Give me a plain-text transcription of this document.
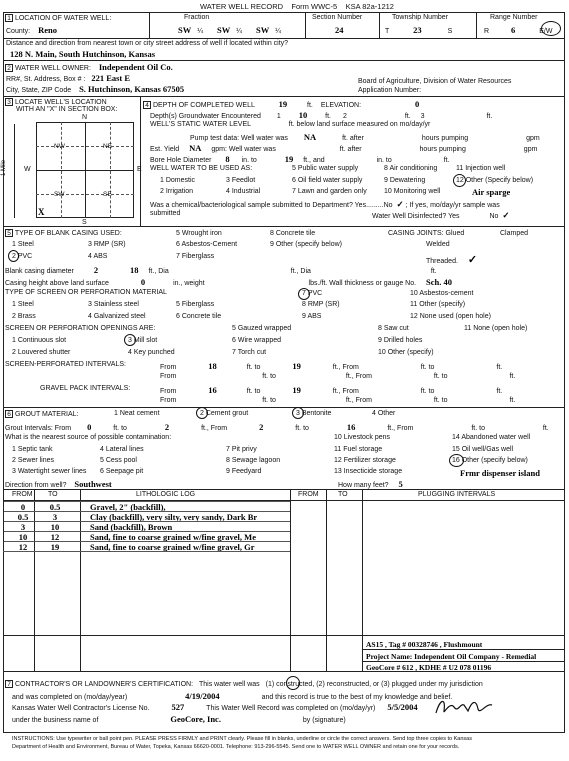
WATER WELL RECORD Form WWC-5 KSA 82a-1212
1 LOCATION OF WATER WELL:
County: Reno
Fraction
SW ¼ SW ¼ SW ¼
Section Number
24
Township Number
T	23	S
Range Number
R	6	E/W
Distance and direction from nearest town or city street address of well if located within city?
128 N. Main, South Hutchinson, Kansas
2 WATER WELL OWNER: Independent Oil Co.
RR#, St. Address, Box # : 221 East E
City, State, ZIP Code S. Hutchinson, Kansas 67505
Board of Agriculture, Division of Water Resources
Application Number:
3 LOCATE WELL'S LOCATION
WITH AN "X" IN SECTION BOX:
N
S
W	E
NW	NE
SW	SE
X
1 Mile
4 DEPTH OF COMPLETED WELL	19	ft. ELEVATION:	0
Depth(s) Groundwater Encountered 1 10	ft. 2	ft. 3	ft.
WELL'S STATIC WATER LEVEL	ft. below land surface measured on mo/day/yr
Pump test data: Well water was NA	ft. after	hours pumping	gpm
Est. Yield NA gpm: Well water was	ft. after	hours pumping	gpm
Bore Hole Diameter 8 in. to	19 ft., and	in. to	ft.
WELL WATER TO BE USED AS:
1 Domestic
2 Irrigation
3 Feedlot
4 Industrial
5 Public water supply
6 Oil field water supply
7 Lawn and garden only
8 Air conditioning
9 Dewatering
10 Monitoring well
11 Injection well
12 Other (Specify below)
Air sparge
Was a chemical/bacteriological sample submitted to Department? Yes.........No ✓ ; If yes, mo/day/yr sample was
submitted	Water Well Disinfected? Yes	No ✓
5 TYPE OF BLANK CASING USED:
1 Steel
2 PVC
3 RMP (SR)
4 ABS
5 Wrought iron
6 Asbestos-Cement
7 Fiberglass
8 Concrete tile
9 Other (specify below)
CASING JOINTS: Glued	Clamped
Welded
Threaded. ✓
Blank casing diameter 2	18 ft., Dia	ft., Dia	ft.
Casing height above land surface	0	in., weight	lbs./ft. Wall thickness or gauge No. Sch. 40
TYPE OF SCREEN OR PERFORATION MATERIAL
1 Steel
2 Brass
3 Stainless steel
4 Galvanized steel
5 Fiberglass
6 Concrete tile
7 PVC
8 RMP (SR)
9 ABS
10 Asbestos-cement
11 Other (specify)
12 None used (open hole)
SCREEN OR PERFORATION OPENINGS ARE:
1 Continuous slot
2 Louvered shutter
3 Mill slot
4 Key punched
5 Gauzed wrapped
6 Wire wrapped
7 Torch cut
8 Saw cut
9 Drilled holes
10 Other (specify)
11 None (open hole)
SCREEN-PERFORATED INTERVALS:	From	18	ft. to	19	ft., From	ft. to	ft.
From	ft. to	ft., From	ft. to	ft.
GRAVEL PACK INTERVALS:	From	16	ft. to	19	ft., From	ft. to	ft.
From	ft. to	ft., From	ft. to	ft.
6 GROUT MATERIAL:	1 Neat cement	2 Cement grout	3 Bentonite	4 Other
Grout Intervals: From 0	ft. to	2	ft., From	2	ft. to	16	ft., From	ft. to	ft.
What is the nearest source of possible contamination:
1 Septic tank
2 Sewer lines
3 Watertight sewer lines
4 Lateral lines
5 Cess pool
6 Seepage pit
7 Pit privy
8 Sewage lagoon
9 Feedyard
10 Livestock pens
11 Fuel storage
12 Fertilizer storage
13 Insecticide storage
14 Abandoned water well
15 Oil well/Gas well
16 Other (specify below)
Frmr dispenser island
Direction from well? Southwest	How many feet? 5
FROM TO	LITHOLOGIC LOG	FROM	TO	PLUGGING INTERVALS
0	0.5	Gravel, 2" (backfill),
0.5	3	Clay (backfill), very silty, very sandy, Dark Br
3	10	Sand (backfill), Brown
10	12	Sand, fine to coarse grained w/fine gravel, Me
12	19	Sand, fine to coarse grained w/fine gravel, Gr
AS15 , Tag # 00328746 , Flushmount
Project Name: Independent Oil Company - Remedial
GeoCore # 612 , KDHE # U2 078 01196
7 CONTRACTOR'S OR LANDOWNER'S CERTIFICATION: This water well was (1) constructed, (2) reconstructed, or (3) plugged under my jurisdiction
and was completed on (mo/day/year)	4/19/2004	and this record is true to the best of my knowledge and belief.
Kansas Water Well Contractor's License No.	527	This Water Well Record was completed on (mo/day/yr) 5/5/2004
under the business name of	GeoCore, Inc.	by (signature)
INSTRUCTIONS: Use typewriter or ball point pen. PLEASE PRESS FIRMLY and PRINT clearly. Please fill in blanks, underline or circle the correct answers. Send top three copies to Kansas
Department of Health and Environment, Bureau of Water, Topeka, Kansas 66620-0001. Telephone: 913-296-5545. Send one to WATER WELL OWNER and retain one for your records.
